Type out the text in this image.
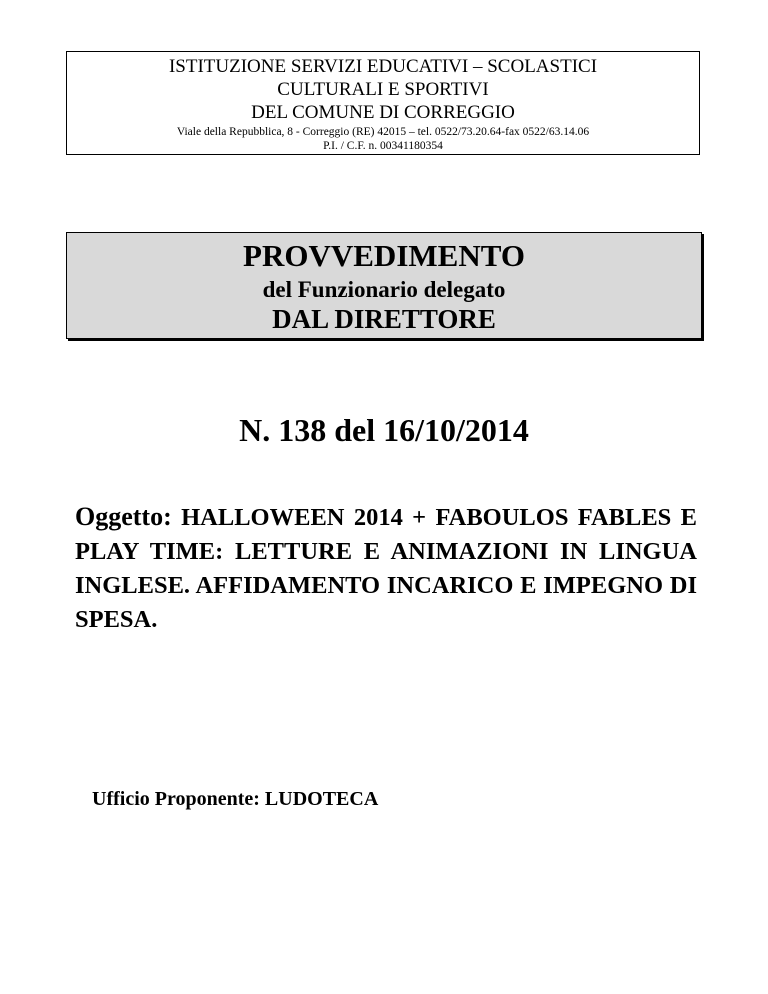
ISTITUZIONE SERVIZI EDUCATIVI – SCOLASTICI
CULTURALI E SPORTIVI
DEL COMUNE DI CORREGGIO
Viale della Repubblica, 8 - Correggio (RE) 42015 – tel. 0522/73.20.64-fax 0522/63.14.06
P.I. / C.F. n. 00341180354
PROVVEDIMENTO
del Funzionario delegato
DAL DIRETTORE
N. 138 del 16/10/2014
Oggetto: HALLOWEEN 2014 + FABOULOS FABLES E PLAY TIME: LETTURE E ANIMAZIONI IN LINGUA INGLESE. AFFIDAMENTO INCARICO E IMPEGNO DI SPESA.
Ufficio Proponente: LUDOTECA
